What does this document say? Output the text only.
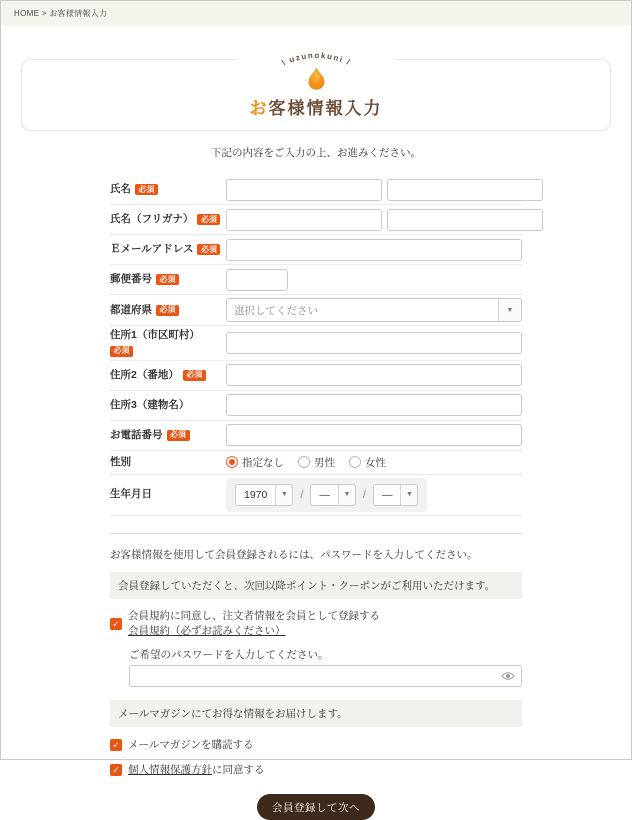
HOME > お客様情報入力
\ uzunokuni /
お客様情報入力
下記の内容をご入力の上、お進みください。
氏名 必須
氏名（フリガナ） 必須
Ｅメールアドレス 必須
郵便番号 必須
都道府県 必須	選択してください	▼
住所1（市区町村）
必須
住所2（番地） 必須
住所3（建物名）
お電話番号 必須
性別	指定なし	男性	女性
生年月日	1970	▼	/	—	▼	/	—	▼
お客様情報を使用して会員登録されるには、パスワードを入力してください。
会員登録していただくと、次回以降ポイント・クーポンがご利用いただけます。
✓
会員規約に同意し、注文者情報を会員として登録する
会員規約（必ずお読みください）
ご希望のパスワードを入力してください。
メールマガジンにてお得な情報をお届けします。
✓ メールマガジンを購読する
✓ 個人情報保護方針に同意する
会員登録して次へ
